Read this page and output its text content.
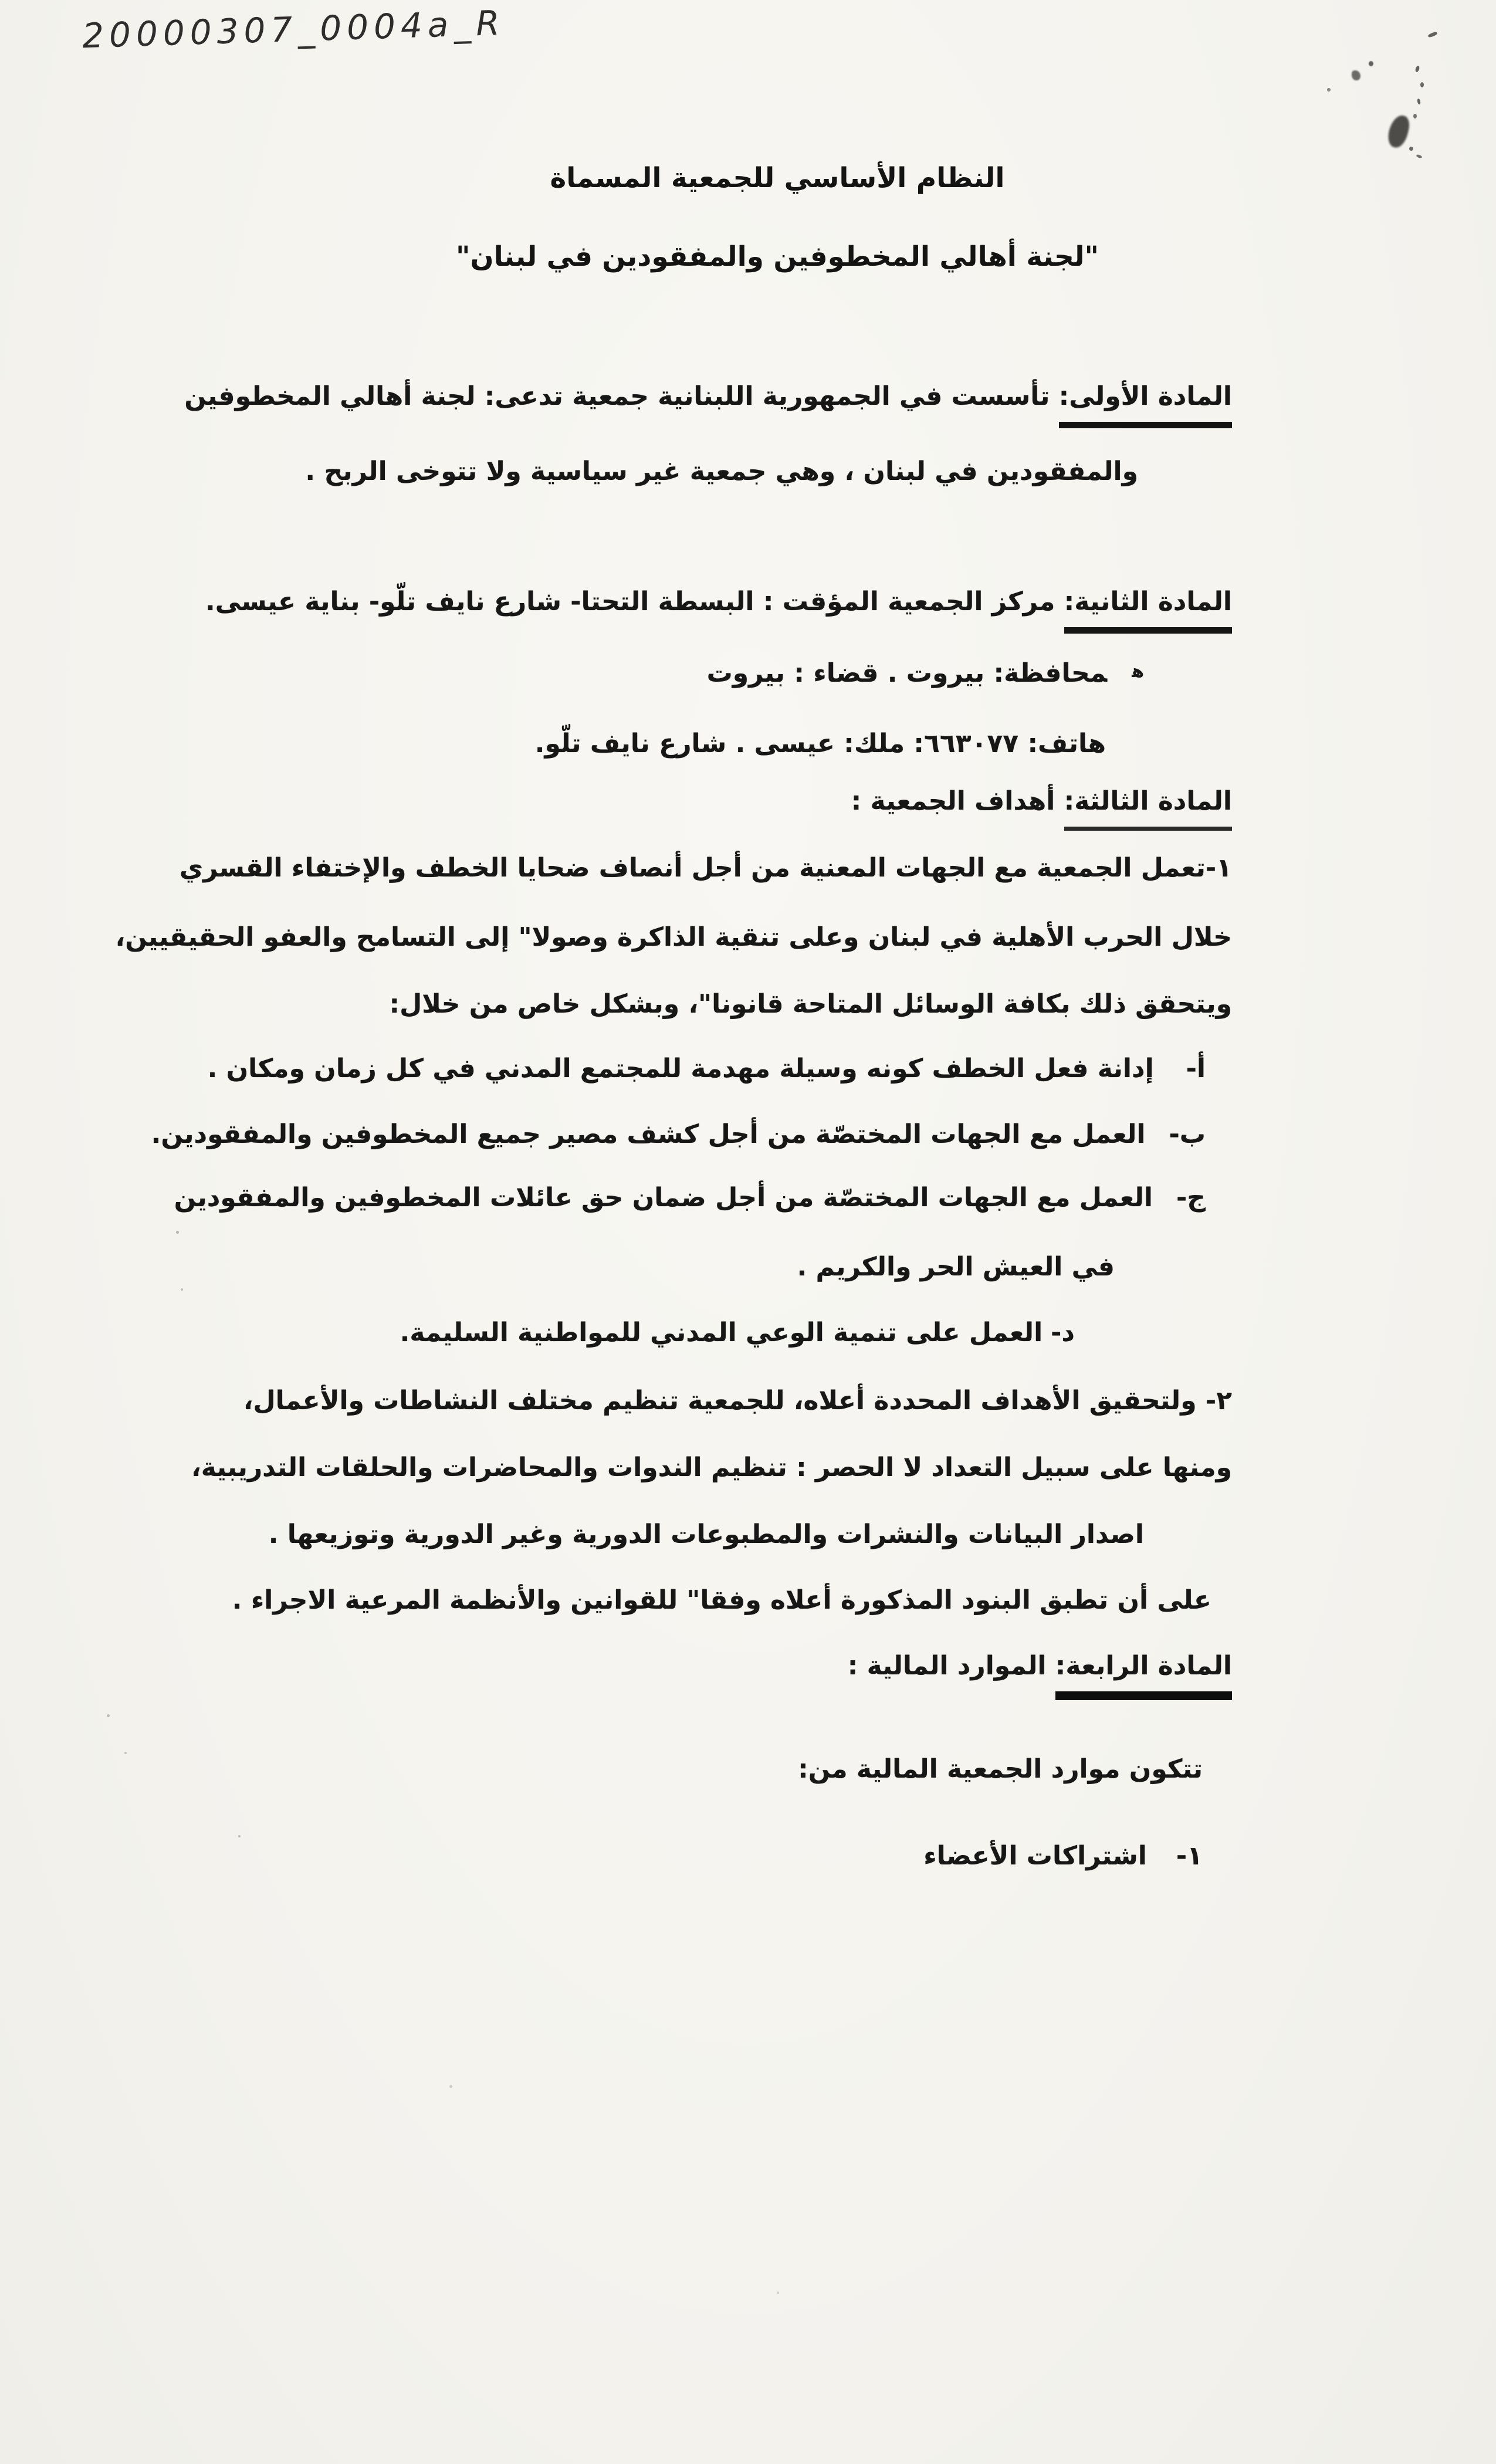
20000307_0004a_R
النظام الأساسي للجمعية المسماة
"لجنة أهالي المخطوفين والمفقودين في لبنان"
المادة الأولى: تأسست في الجمهورية اللبنانية جمعية تدعى: لجنة أهالي المخطوفين
والمفقودين في لبنان ، وهي جمعية غير سياسية ولا تتوخى الربح .
المادة الثانية: مركز الجمعية المؤقت : البسطة التحتا- شارع نايف تلّو- بناية عيسى.
همحافظة: بيروت . قضاء : بيروت
هاتف: ٦٦٣٠٧٧: ملك: عيسى . شارع نايف تلّو.
المادة الثالثة: أهداف الجمعية :
١-تعمل الجمعية مع الجهات المعنية من أجل أنصاف ضحايا الخطف والإختفاء القسري
خلال الحرب الأهلية في لبنان وعلى تنقية الذاكرة وصولا" إلى التسامح والعفو الحقيقيين،
ويتحقق ذلك بكافة الوسائل المتاحة قانونا"، وبشكل خاص من خلال:
أ-إدانة فعل الخطف كونه وسيلة مهدمة للمجتمع المدني في كل زمان ومكان .
ب-العمل مع الجهات المختصّة من أجل كشف مصير جميع المخطوفين والمفقودين.
ج-العمل مع الجهات المختصّة من أجل ضمان حق عائلات المخطوفين والمفقودين
في العيش الحر والكريم .
د-العمل على تنمية الوعي المدني للمواطنية السليمة.
٢- ولتحقيق الأهداف المحددة أعلاه، للجمعية تنظيم مختلف النشاطات والأعمال،
ومنها على سبيل التعداد لا الحصر : تنظيم الندوات والمحاضرات والحلقات التدريبية،
اصدار البيانات والنشرات والمطبوعات الدورية وغير الدورية وتوزيعها .
على أن تطبق البنود المذكورة أعلاه وفقا" للقوانين والأنظمة المرعية الاجراء .
المادة الرابعة: الموارد المالية :
تتكون موارد الجمعية المالية من:
١-اشتراكات الأعضاء
